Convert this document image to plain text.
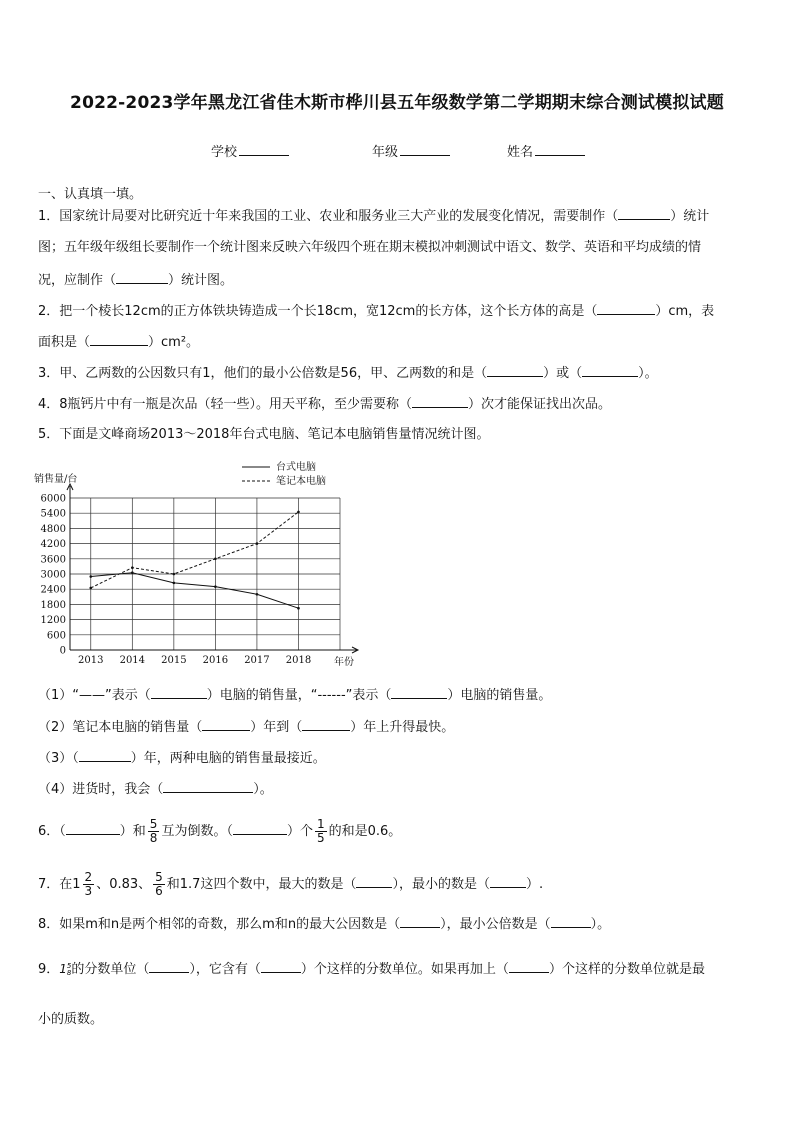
2022-2023学年黑龙江省佳木斯市桦川县五年级数学第二学期期末综合测试模拟试题
学校	年级	姓名
一、认真填一填。
1．国家统计局要对比研究近十年来我国的工业、农业和服务业三大产业的发展变化情况，需要制作（	）统计
图；五年级年级组长要制作一个统计图来反映六年级四个班在期末模拟冲刺测试中语文、数学、英语和平均成绩的情
况，应制作（	）统计图。
2．把一个棱长12cm的正方体铁块铸造成一个长18cm，宽12cm的长方体，这个长方体的高是（	）cm，表
面积是（	）cm²。
3．甲、乙两数的公因数只有1，他们的最小公倍数是56，甲、乙两数的和是（	）或（	）。
4．8瓶钙片中有一瓶是次品（轻一些）。用天平称，至少需要称（	）次才能保证找出次品。
5．下面是文峰商场2013～2018年台式电脑、笔记本电脑销售量情况统计图。
0
600
1200
1800
2400
3000
3600
4200
4800
5400
6000
2013 2014 2015 2016 2017 2018
台式电脑
笔记本电脑
销售量/台
年份
（1）“——”表示（	）电脑的销售量，“------”表示（	）电脑的销售量。
（2）笔记本电脑的销售量（	）年到（	）年上升得最快。
（3）（	）年，两种电脑的销售量最接近。
（4）进货时，我会（	）。
6．（	）和 $\frac{5}{8}$ 互为倒数。（	）个 $\frac{1}{5}$ 的和是0.6。
7．在$1 \frac{2}{3}$ 、0.83、 $\frac{5}{6}$ 和1.7这四个数中，最大的数是（	），最小的数是（	）.
8．如果m和n是两个相邻的奇数，那么m和n的最大公因数是（	），最小公倍数是（	）。
9．1 5
8 的分数单位（	），它含有（	）个这样的分数单位。如果再加上（	）个这样的分数单位就是最
小的质数。
